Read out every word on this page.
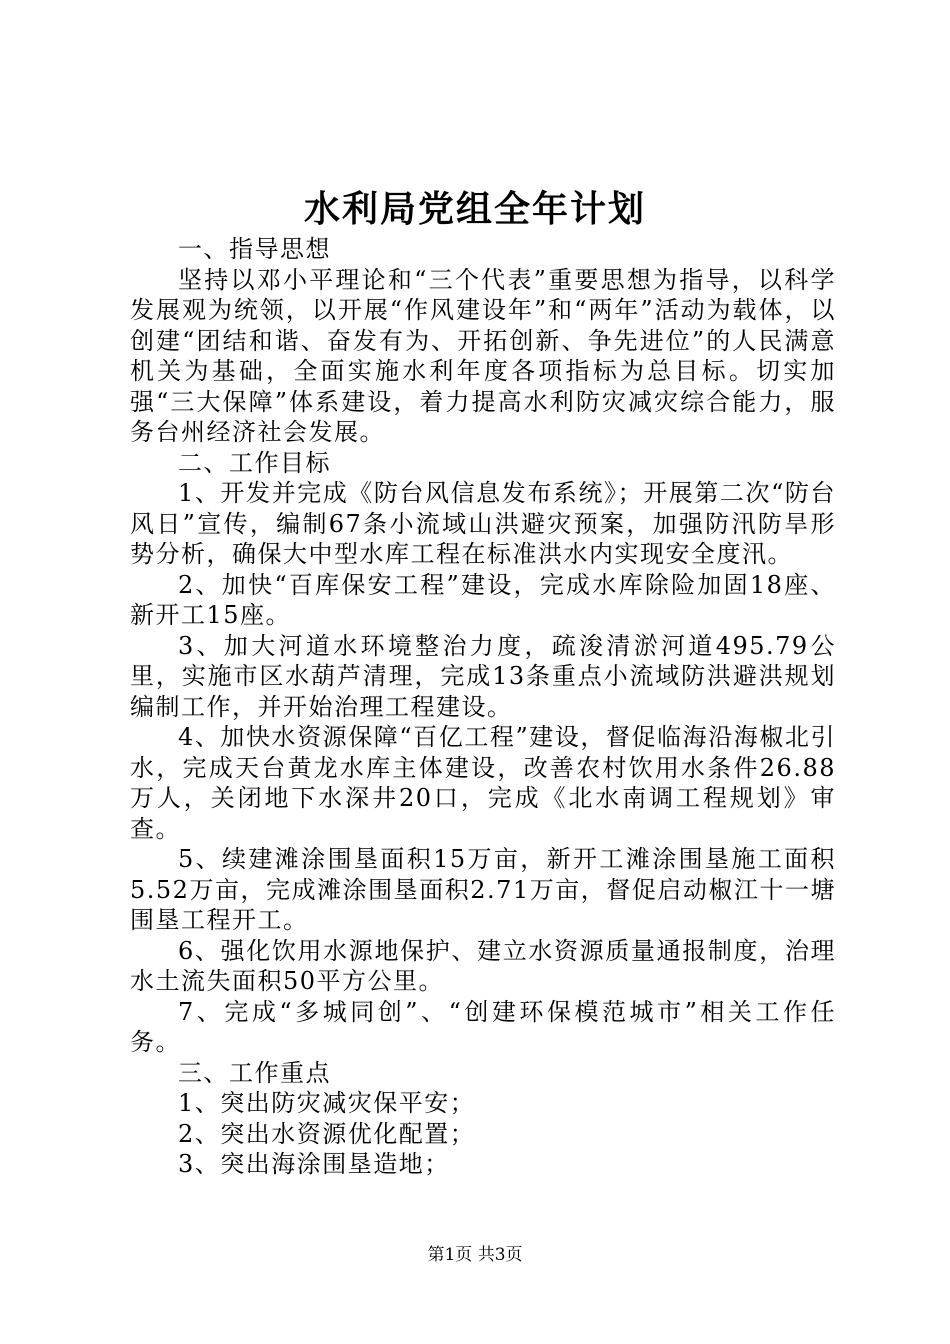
水利局党组全年计划

一、指导思想

坚持以邓小平理论和“三个代表”重要思想为指导，以科学发展观为统领，以开展“作风建设年”和“两年”活动为载体，以创建“团结和谐、奋发有为、开拓创新、争先进位”的人民满意机关为基础，全面实施水利年度各项指标为总目标。切实加强“三大保障”体系建设，着力提高水利防灾减灾综合能力，服务台州经济社会发展。

二、工作目标

1、开发并完成《防台风信息发布系统》；开展第二次“防台风日”宣传，编制67条小流域山洪避灾预案，加强防汛防旱形势分析，确保大中型水库工程在标准洪水内实现安全度汛。

2、加快“百库保安工程”建设，完成水库除险加固18座、新开工15座。

3、加大河道水环境整治力度，疏浚清淤河道495.79公里，实施市区水葫芦清理，完成13条重点小流域防洪避洪规划编制工作，并开始治理工程建设。

4、加快水资源保障“百亿工程”建设，督促临海沿海椒北引水，完成天台黄龙水库主体建设，改善农村饮用水条件26.88万人，关闭地下水深井20口，完成《北水南调工程规划》审查。

5、续建滩涂围垦面积15万亩，新开工滩涂围垦施工面积5.52万亩，完成滩涂围垦面积2.71万亩，督促启动椒江十一塘围垦工程开工。

6、强化饮用水源地保护、建立水资源质量通报制度，治理水土流失面积50平方公里。

7、完成“多城同创”、“创建环保模范城市”相关工作任务。

三、工作重点

1、突出防灾减灾保平安；

2、突出水资源优化配置；

3、突出海涂围垦造地；

第1页 共3页
